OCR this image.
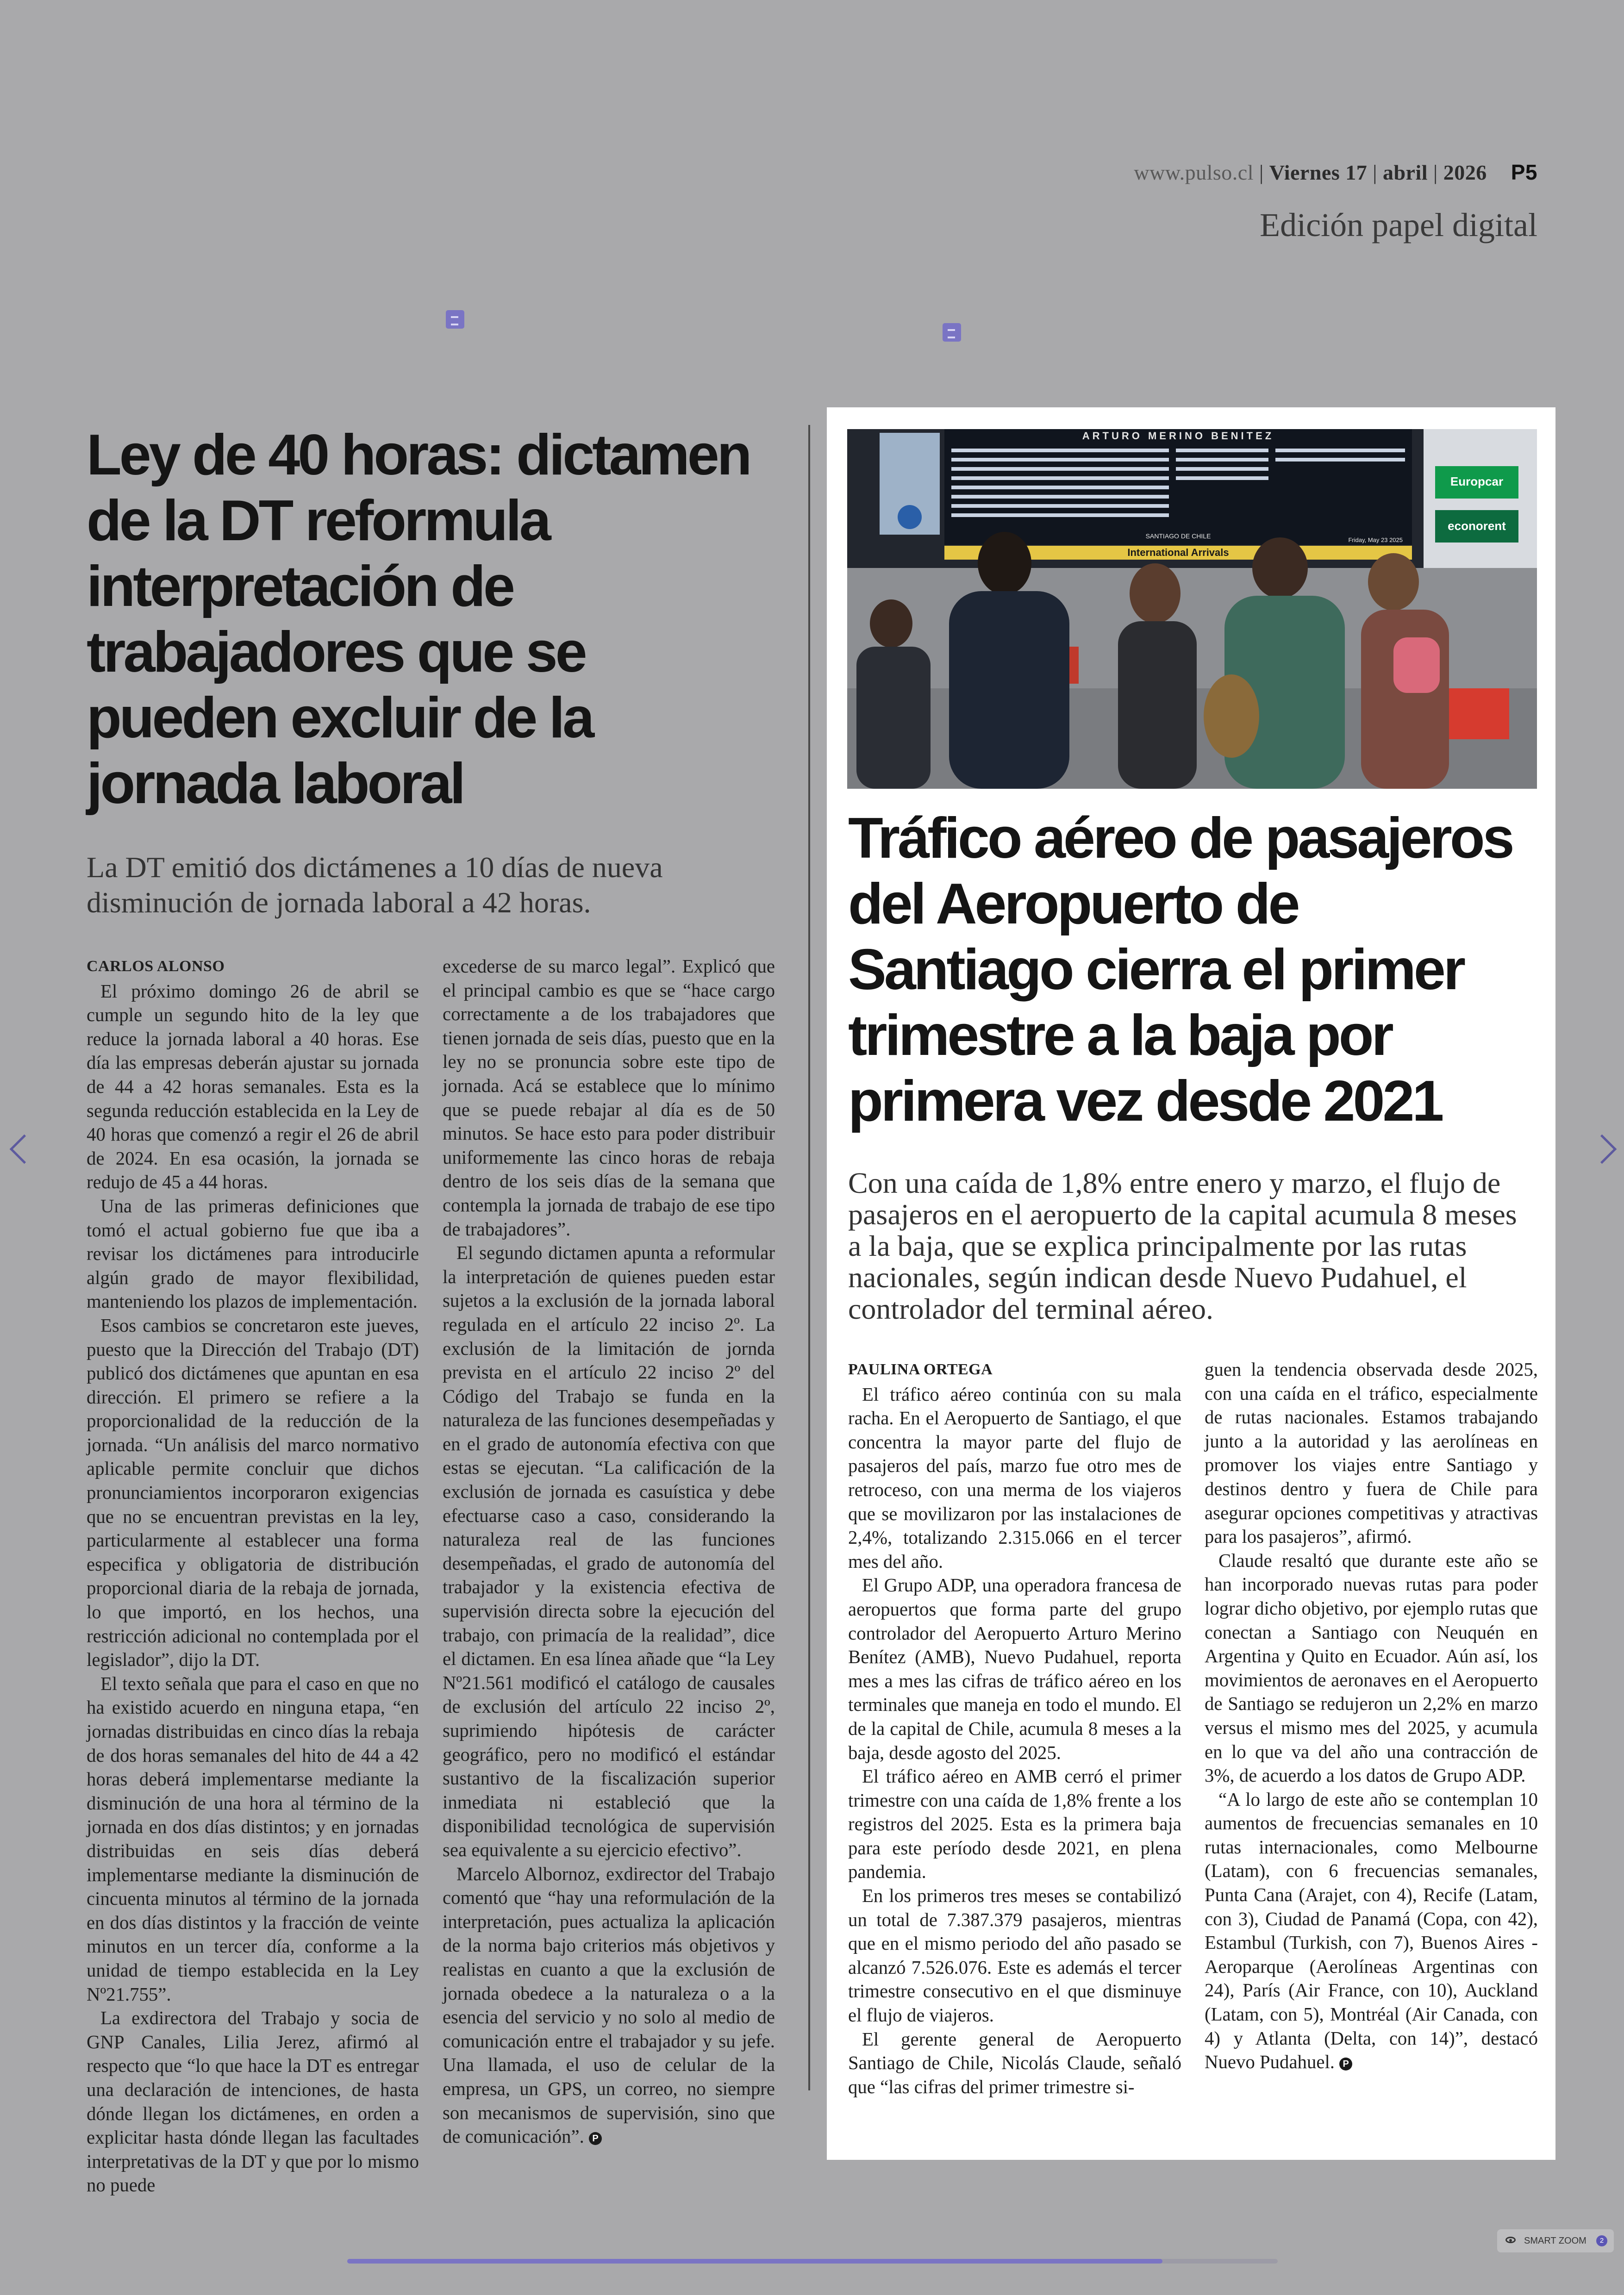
www.pulso.cl | Viernes 17 | abril | 2026 P5
Edición papel digital
Ley de 40 horas: dictamen de la DT reformula interpretación de trabajadores que se pueden excluir de la jornada laboral
La DT emitió dos dictámenes a 10 días de nueva disminución de jornada laboral a 42 horas.
CARLOS ALONSO

El próximo domingo 26 de abril se cumple un segundo hito de la ley que reduce la jornada laboral a 40 horas. Ese día las empresas deberán ajustar su jornada de 44 a 42 horas semanales. Esta es la segunda reducción establecida en la Ley de 40 horas que comenzó a regir el 26 de abril de 2024. En esa ocasión, la jornada se redujo de 45 a 44 horas.

Una de las primeras definiciones que tomó el actual gobierno fue que iba a revisar los dictámenes para introducirle algún grado de mayor flexibilidad, manteniendo los plazos de implementación.

Esos cambios se concretaron este jueves, puesto que la Dirección del Trabajo (DT) publicó dos dictámenes que apuntan en esa dirección. El primero se refiere a la proporcionalidad de la reducción de la jornada. “Un análisis del marco normativo aplicable permite concluir que dichos pronunciamientos incorporaron exigencias que no se encuentran previstas en la ley, particularmente al establecer una forma especifica y obligatoria de distribución proporcional diaria de la rebaja de jornada, lo que importó, en los hechos, una restricción adicional no contemplada por el legislador”, dijo la DT.

El texto señala que para el caso en que no ha existido acuerdo en ninguna etapa, “en jornadas distribuidas en cinco días la rebaja de dos horas semanales del hito de 44 a 42 horas deberá implementarse mediante la disminución de una hora al término de la jornada en dos días distintos; y en jornadas distribuidas en seis días deberá implementarse mediante la disminución de cincuenta minutos al término de la jornada en dos días distintos y la fracción de veinte minutos en un tercer día, conforme a la unidad de tiempo establecida en la Ley Nº21.755”.

La exdirectora del Trabajo y socia de GNP Canales, Lilia Jerez, afirmó al respecto que “lo que hace la DT es entregar una declaración de intenciones, de hasta dónde llegan los dictámenes, en orden a explicitar hasta dónde llegan las facultades interpretativas de la DT y que por lo mismo no puede

excederse de su marco legal”. Explicó que el principal cambio es que se “hace cargo correctamente a de los trabajadores que tienen jornada de seis días, puesto que en la ley no se pronuncia sobre este tipo de jornada. Acá se establece que lo mínimo que se puede rebajar al día es de 50 minutos. Se hace esto para poder distribuir uniformemente las cinco horas de rebaja dentro de los seis días de la semana que contempla la jornada de trabajo de ese tipo de trabajadores”.

El segundo dictamen apunta a reformular la interpretación de quienes pueden estar sujetos a la exclusión de la jornada laboral regulada en el artículo 22 inciso 2º. La exclusión de la limitación de jornda prevista en el artículo 22 inciso 2º del Código del Trabajo se funda en la naturaleza de las funciones desempeñadas y en el grado de autonomía efectiva con que estas se ejecutan. “La calificación de la exclusión de jornada es casuística y debe efectuarse caso a caso, considerando la naturaleza real de las funciones desempeñadas, el grado de autonomía del trabajador y la existencia efectiva de supervisión directa sobre la ejecución del trabajo, con primacía de la realidad”, dice el dictamen. En esa línea añade que “la Ley Nº21.561 modificó el catálogo de causales de exclusión del artículo 22 inciso 2º, suprimiendo hipótesis de carácter geográfico, pero no modificó el estándar sustantivo de la fiscalización superior inmediata ni estableció que la disponibilidad tecnológica de supervisión sea equivalente a su ejercicio efectivo”.

Marcelo Albornoz, exdirector del Trabajo comentó que “hay una reformulación de la interpretación, pues actualiza la aplicación de la norma bajo criterios más objetivos y realistas en cuanto a que la exclusión de jornada obedece a la naturaleza o a la esencia del servicio y no solo al medio de comunicación entre el trabajador y su jefe. Una llamada, el uso de celular de la empresa, un GPS, un correo, no siempre son mecanismos de supervisión, sino que de comunicación”. P

ARTURO MERINO BENITEZ
SANTIAGO DE CHILE
International Arrivals
Friday, May 23 2025
Europcar
econorent
Tráfico aéreo de pasajeros del Aeropuerto de Santiago cierra el primer trimestre a la baja por primera vez desde 2021
Con una caída de 1,8% entre enero y marzo, el flujo de pasajeros en el aeropuerto de la capital acumula 8 meses a la baja, que se explica principalmente por las rutas nacionales, según indican desde Nuevo Pudahuel, el controlador del terminal aéreo.
PAULINA ORTEGA

El tráfico aéreo continúa con su mala racha. En el Aeropuerto de Santiago, el que concentra la mayor parte del flujo de pasajeros del país, marzo fue otro mes de retroceso, con una merma de los viajeros que se movilizaron por las instalaciones de 2,4%, totalizando 2.315.066 en el tercer mes del año.

El Grupo ADP, una operadora francesa de aeropuertos que forma parte del grupo controlador del Aeropuerto Arturo Merino Benítez (AMB), Nuevo Pudahuel, reporta mes a mes las cifras de tráfico aéreo en los terminales que maneja en todo el mundo. El de la capital de Chile, acumula 8 meses a la baja, desde agosto del 2025.

El tráfico aéreo en AMB cerró el primer trimestre con una caída de 1,8% frente a los registros del 2025. Esta es la primera baja para este período desde 2021, en plena pandemia.

En los primeros tres meses se contabilizó un total de 7.387.379 pasajeros, mientras que en el mismo periodo del año pasado se alcanzó 7.526.076. Este es además el tercer trimestre consecutivo en el que disminuye el flujo de viajeros.

El gerente general de Aeropuerto Santiago de Chile, Nicolás Claude, señaló que “las cifras del primer trimestre si-

guen la tendencia observada desde 2025, con una caída en el tráfico, especialmente de rutas nacionales. Estamos trabajando junto a la autoridad y las aerolíneas en promover los viajes entre Santiago y destinos dentro y fuera de Chile para asegurar opciones competitivas y atractivas para los pasajeros”, afirmó.

Claude resaltó que durante este año se han incorporado nuevas rutas para poder lograr dicho objetivo, por ejemplo rutas que conectan a Santiago con Neuquén en Argentina y Quito en Ecuador. Aún así, los movimientos de aeronaves en el Aeropuerto de Santiago se redujeron un 2,2% en marzo versus el mismo mes del 2025, y acumula en lo que va del año una contracción de 3%, de acuerdo a los datos de Grupo ADP.

“A lo largo de este año se contemplan 10 aumentos de frecuencias semanales en 10 rutas internacionales, como Melbourne (Latam), con 6 frecuencias semanales, Punta Cana (Arajet, con 4), Recife (Latam, con 3), Ciudad de Panamá (Copa, con 42), Estambul (Turkish, con 7), Buenos Aires -Aeroparque (Aerolíneas Argentinas con 24), París (Air France, con 10), Auckland (Latam, con 5), Montréal (Air Canada, con 4) y Atlanta (Delta, con 14)”, destacó Nuevo Pudahuel. P

SMART ZOOM	2
